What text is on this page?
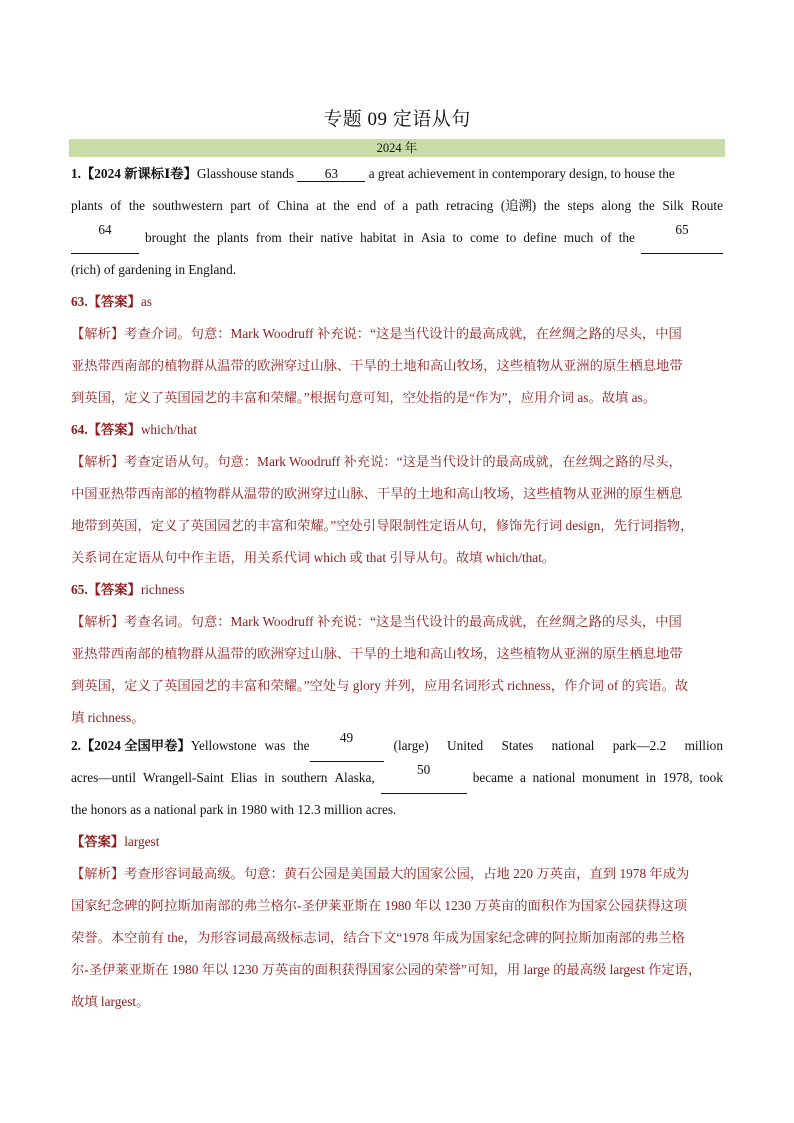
专题 09 定语从句
2024 年
1.【2024 新课标Ⅰ卷】Glasshouse stands 63 a great achievement in contemporary design, to house the
plants of the southwestern part of China at the end of a path retracing (追溯) the steps along the Silk Route
64
brought the plants from their native habitat in Asia to come to define much of the
65
(rich) of gardening in England.
63.【答案】as
【解析】考查介词。句意：Mark Woodruff 补充说：“这是当代设计的最高成就，在丝绸之路的尽头，中国
亚热带西南部的植物群从温带的欧洲穿过山脉、干旱的土地和高山牧场，这些植物从亚洲的原生栖息地带
到英国，定义了英国园艺的丰富和荣耀。”根据句意可知，空处指的是“作为”，应用介词 as。故填 as。
64.【答案】which/that
【解析】考查定语从句。句意：Mark Woodruff 补充说：“这是当代设计的最高成就，在丝绸之路的尽头，
中国亚热带西南部的植物群从温带的欧洲穿过山脉、干旱的土地和高山牧场，这些植物从亚洲的原生栖息
地带到英国，定义了英国园艺的丰富和荣耀。”空处引导限制性定语从句，修饰先行词 design，先行词指物，
关系词在定语从句中作主语，用关系代词 which 或 that 引导从句。故填 which/that。
65.【答案】richness
【解析】考查名词。句意：Mark Woodruff 补充说：“这是当代设计的最高成就，在丝绸之路的尽头，中国
亚热带西南部的植物群从温带的欧洲穿过山脉、干旱的土地和高山牧场，这些植物从亚洲的原生栖息地带
到英国，定义了英国园艺的丰富和荣耀。”空处与 glory 并列，应用名词形式 richness，作介词 of 的宾语。故
填 richness。
2.【2024 全国甲卷】 Yellowstone was the
49
(large) United States national park—2.2 million
acres—until Wrangell-Saint Elias in southern Alaska,
50
became a national monument in 1978, took
the honors as a national park in 1980 with 12.3 million acres.
【答案】largest
【解析】考查形容词最高级。句意：黄石公园是美国最大的国家公园，占地 220 万英亩，直到 1978 年成为
国家纪念碑的阿拉斯加南部的弗兰格尔-圣伊莱亚斯在 1980 年以 1230 万英亩的面积作为国家公园获得这项
荣誉。本空前有 the，为形容词最高级标志词，结合下文“1978 年成为国家纪念碑的阿拉斯加南部的弗兰格
尔-圣伊莱亚斯在 1980 年以 1230 万英亩的面积获得国家公园的荣誉”可知，用 large 的最高级 largest 作定语，
故填 largest。
